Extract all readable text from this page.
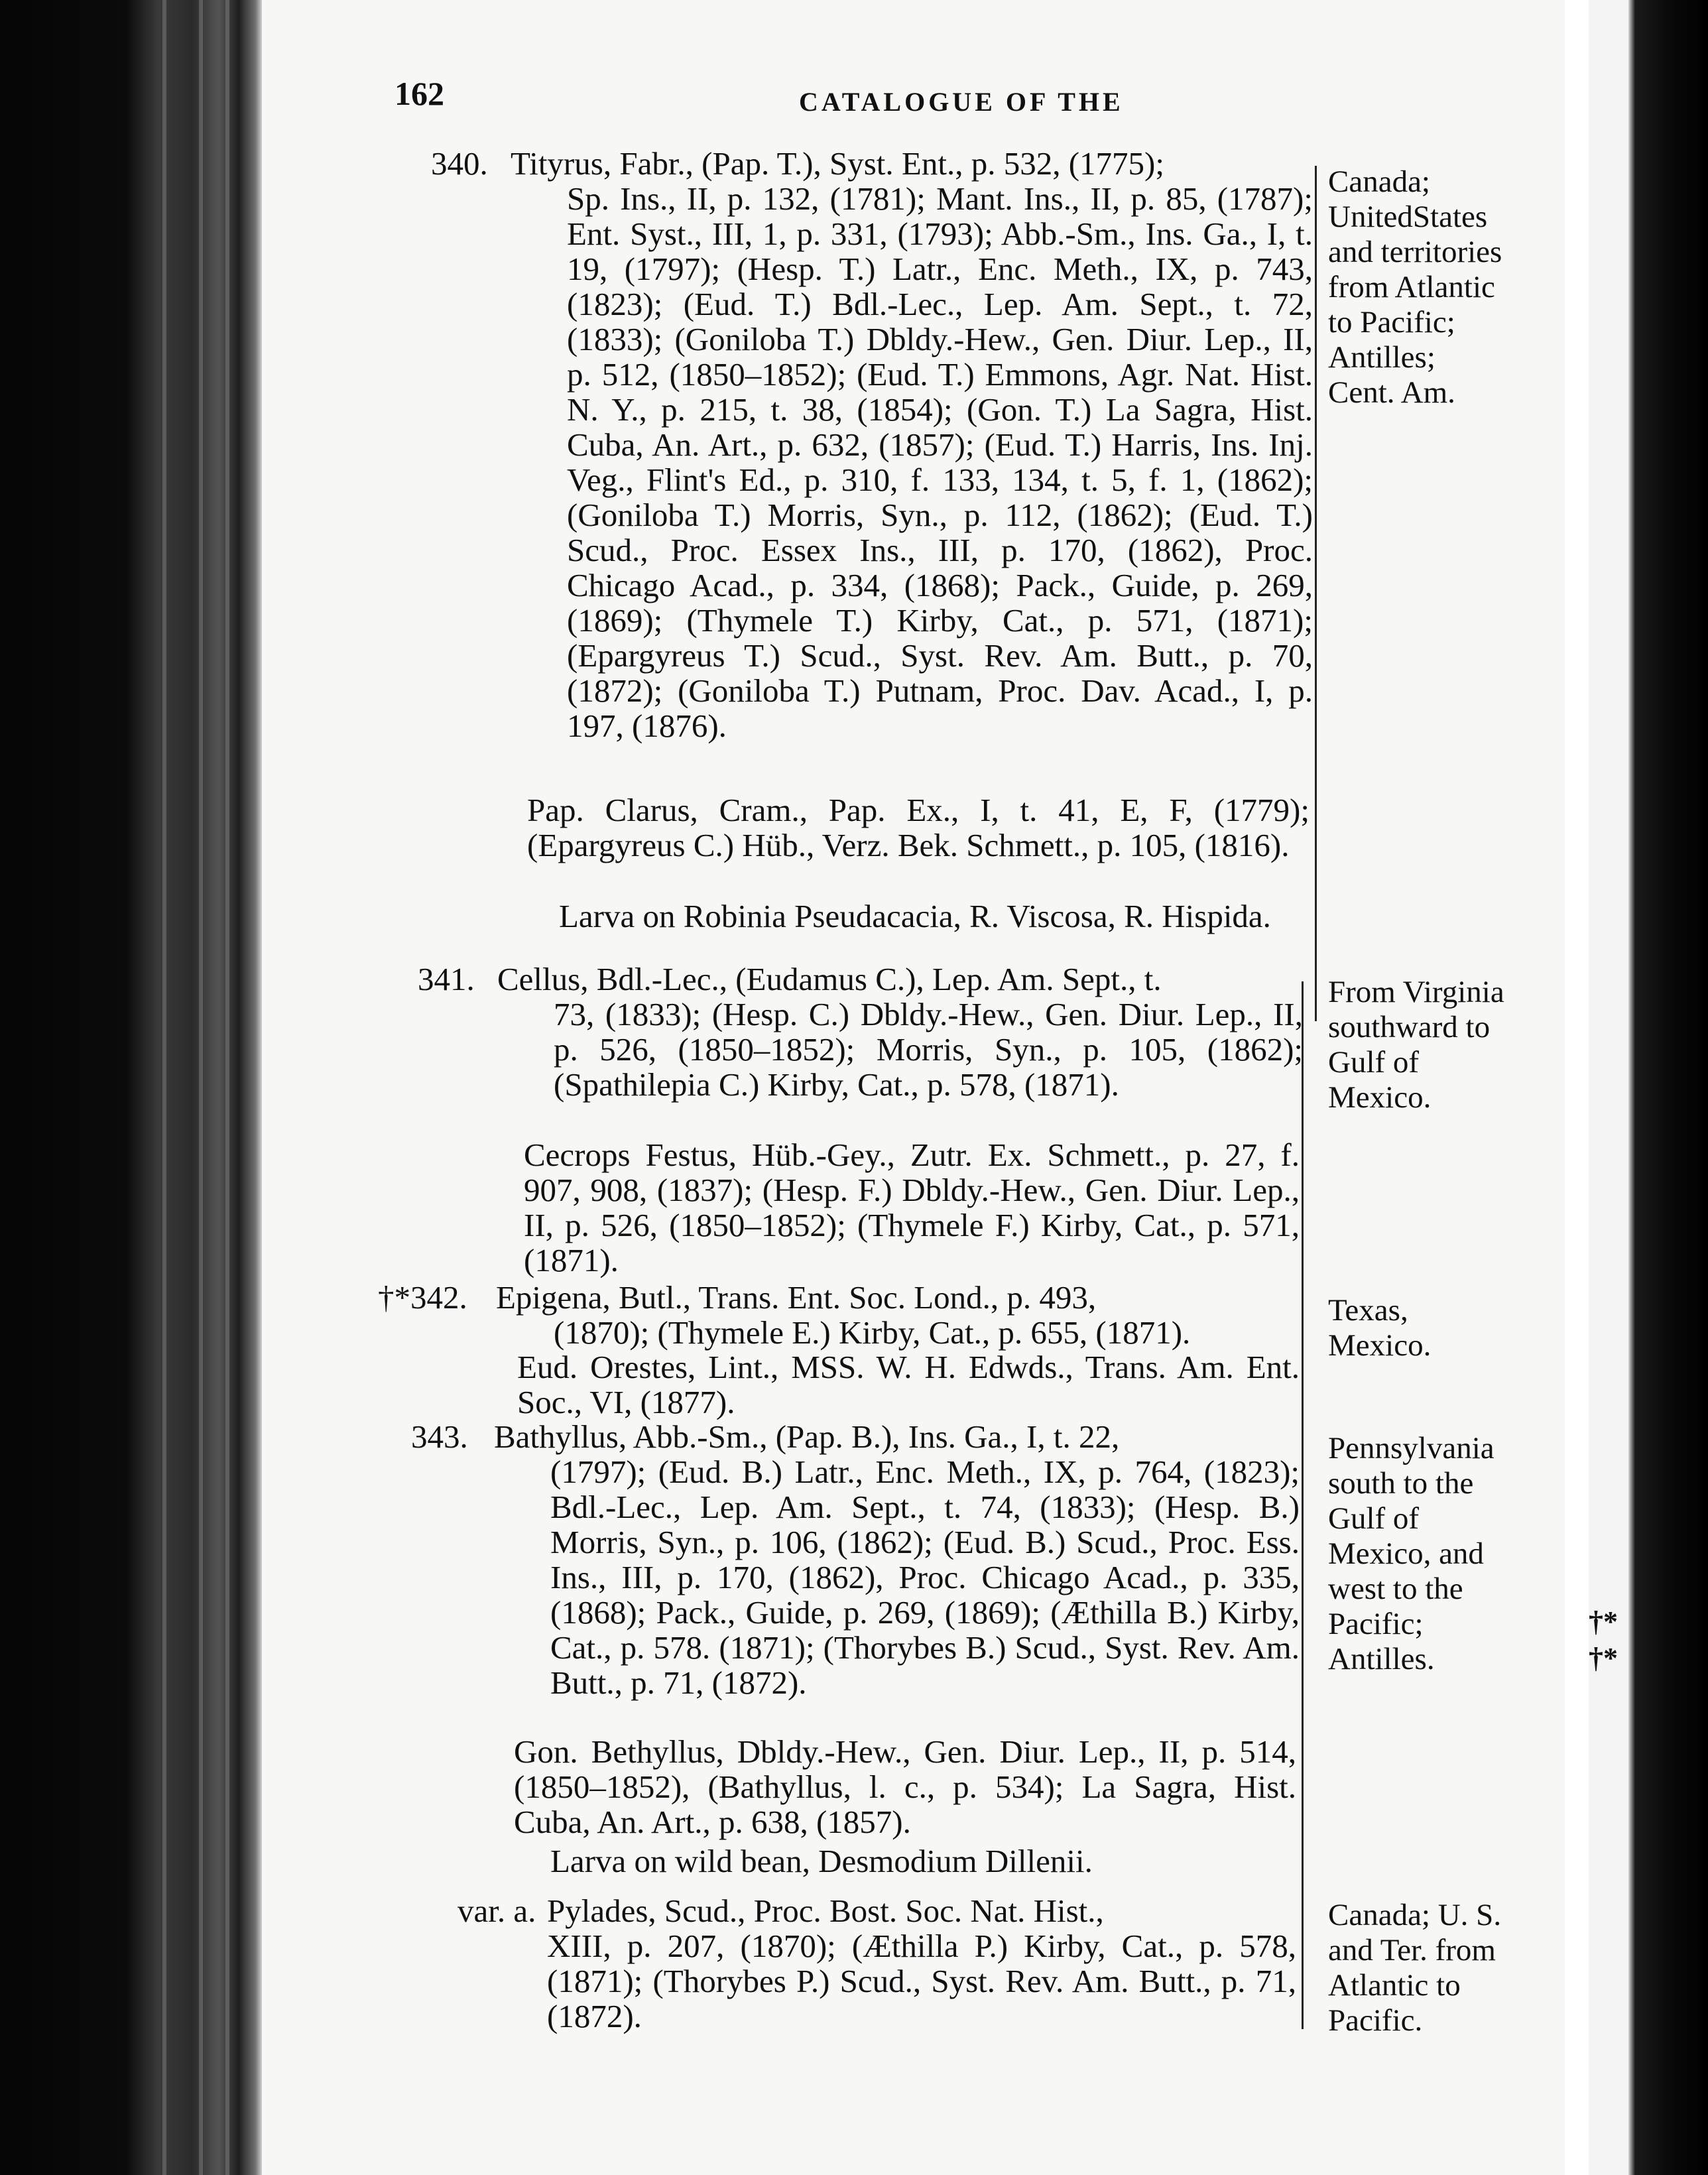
†*
†*
162	CATALOGUE OF THE
340. Tityrus, Fabr., (Pap. T.), Syst. Ent., p. 532, (1775);
Sp. Ins., II, p. 132, (1781); Mant. Ins., II, p. 85, (1787); Ent. Syst., III, 1, p. 331, (1793); Abb.-Sm., Ins. Ga., I, t. 19, (1797); (Hesp. T.) Latr., Enc. Meth., IX, p. 743, (1823); (Eud. T.) Bdl.-Lec., Lep. Am. Sept., t. 72, (1833); (Goniloba T.) Dbldy.-Hew., Gen. Diur. Lep., II, p. 512, (1850–1852); (Eud. T.) Emmons, Agr. Nat. Hist. N. Y., p. 215, t. 38, (1854); (Gon. T.) La Sagra, Hist. Cuba, An. Art., p. 632, (1857); (Eud. T.) Harris, Ins. Inj. Veg., Flint's Ed., p. 310, f. 133, 134, t. 5, f. 1, (1862); (Goniloba T.) Morris, Syn., p. 112, (1862); (Eud. T.) Scud., Proc. Essex Ins., III, p. 170, (1862), Proc. Chicago Acad., p. 334, (1868); Pack., Guide, p. 269, (1869); (Thymele T.) Kirby, Cat., p. 571, (1871); (Epargyreus T.) Scud., Syst. Rev. Am. Butt., p. 70, (1872); (Goniloba T.) Putnam, Proc. Dav. Acad., I, p. 197, (1876).
Pap. Clarus, Cram., Pap. Ex., I, t. 41, E, F, (1779); (Epargyreus C.) Hüb., Verz. Bek. Schmett., p. 105, (1816).
Larva on Robinia Pseudacacia, R. Viscosa, R. Hispida.
Canada; UnitedStates and territories from Atlantic to Pacific; Antilles; Cent. Am.
341. Cellus, Bdl.-Lec., (Eudamus C.), Lep. Am. Sept., t.
73, (1833); (Hesp. C.) Dbldy.-Hew., Gen. Diur. Lep., II, p. 526, (1850–1852); Morris, Syn., p. 105, (1862); (Spathilepia C.) Kirby, Cat., p. 578, (1871).
Cecrops Festus, Hüb.-Gey., Zutr. Ex. Schmett., p. 27, f. 907, 908, (1837); (Hesp. F.) Dbldy.-Hew., Gen. Diur. Lep., II, p. 526, (1850–1852); (Thymele F.) Kirby, Cat., p. 571, (1871).
From Virginia southward to Gulf of Mexico.
†*342. Epigena, Butl., Trans. Ent. Soc. Lond., p. 493,
(1870); (Thymele E.) Kirby, Cat., p. 655, (1871).
Eud. Orestes, Lint., MSS. W. H. Edwds., Trans. Am. Ent. Soc., VI, (1877).
Texas, Mexico.
343. Bathyllus, Abb.-Sm., (Pap. B.), Ins. Ga., I, t. 22,
(1797); (Eud. B.) Latr., Enc. Meth., IX, p. 764, (1823); Bdl.-Lec., Lep. Am. Sept., t. 74, (1833); (Hesp. B.) Morris, Syn., p. 106, (1862); (Eud. B.) Scud., Proc. Ess. Ins., III, p. 170, (1862), Proc. Chicago Acad., p. 335, (1868); Pack., Guide, p. 269, (1869); (Æthilla B.) Kirby, Cat., p. 578. (1871); (Thorybes B.) Scud., Syst. Rev. Am. Butt., p. 71, (1872).
Gon. Bethyllus, Dbldy.-Hew., Gen. Diur. Lep., II, p. 514, (1850–1852), (Bathyllus, l. c., p. 534); La Sagra, Hist. Cuba, An. Art., p. 638, (1857).
Larva on wild bean, Desmodium Dillenii.
Pennsylvania south to the Gulf of Mexico, and west to the Pacific; Antilles.
var. a. Pylades, Scud., Proc. Bost. Soc. Nat. Hist.,
XIII, p. 207, (1870); (Æthilla P.) Kirby, Cat., p. 578, (1871); (Thorybes P.) Scud., Syst. Rev. Am. Butt., p. 71, (1872).
Canada; U. S. and Ter. from Atlantic to Pacific.
